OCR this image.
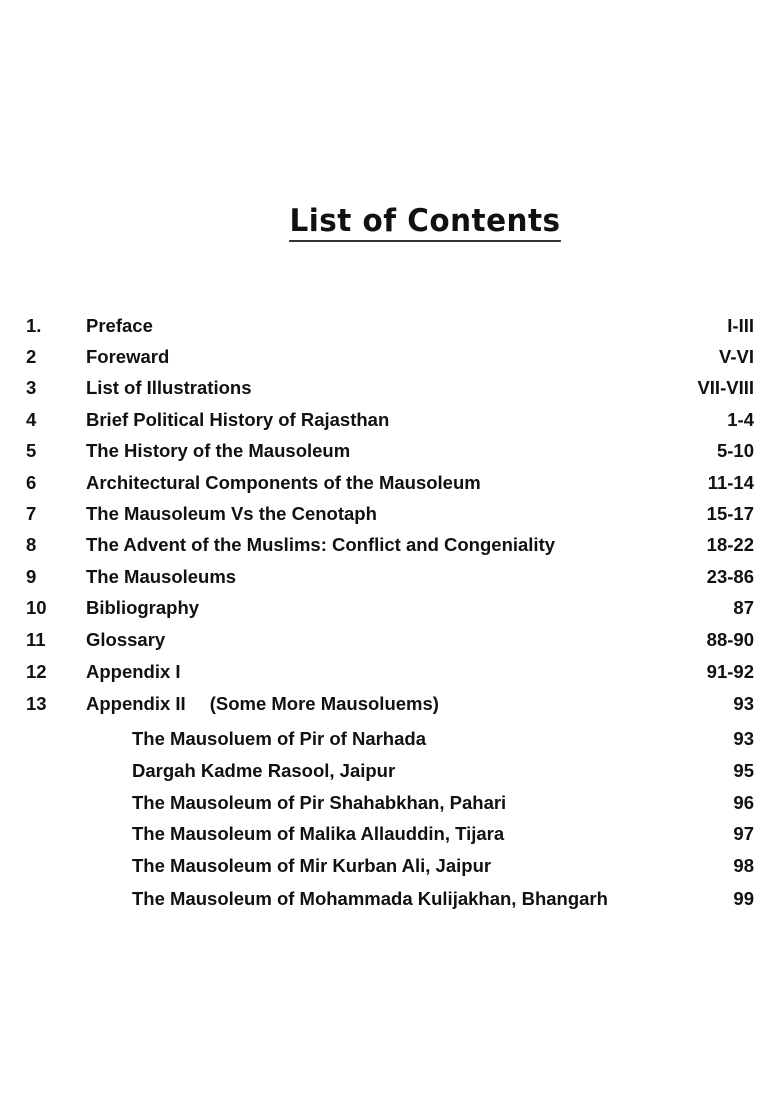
List of Contents
1. Preface	I-III
2	Foreward	V-VI
3	List of Illustrations	VII-VIII
4	Brief Political History of Rajasthan	1-4
5	The History of the Mausoleum	5-10
6	Architectural Components of the Mausoleum	11-14
7	The Mausoleum Vs the Cenotaph	15-17
8	The Advent of the Muslims: Conflict and Congeniality	18-22
9	The Mausoleums	23-86
10 Bibliography	87
11 Glossary	88-90
12 Appendix I	91-92
13 Appendix II (Some More Mausoluems)	93
The Mausoluem of Pir of Narhada	93
Dargah Kadme Rasool, Jaipur	95
The Mausoleum of Pir Shahabkhan, Pahari	96
The Mausoleum of Malika Allauddin, Tijara	97
The Mausoleum of Mir Kurban Ali, Jaipur	98
The Mausoleum of Mohammada Kulijakhan, Bhangarh	99
